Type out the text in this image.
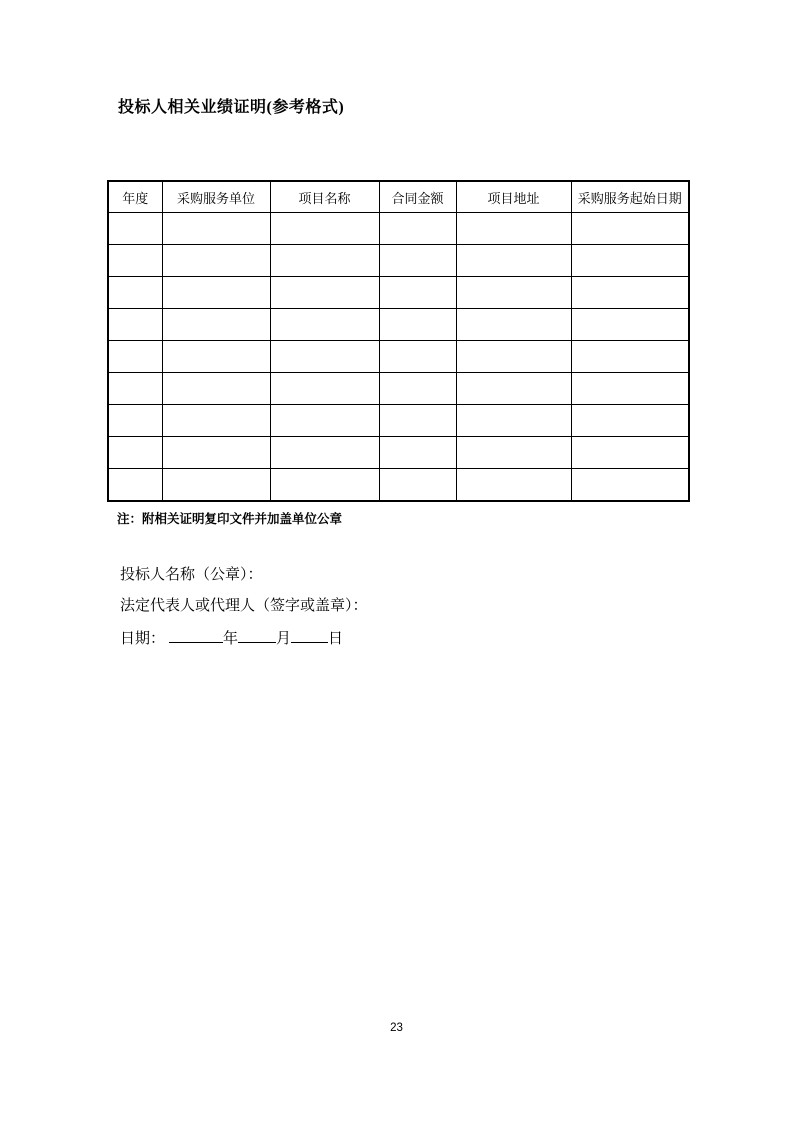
投标人相关业绩证明(参考格式)
年度	采购服务单位	项目名称	合同金额	项目地址	采购服务起始日期

注：附相关证明复印文件并加盖单位公章

投标人名称（公章）：

法定代表人或代理人（签字或盖章）：

日期：	年	月 日

23
